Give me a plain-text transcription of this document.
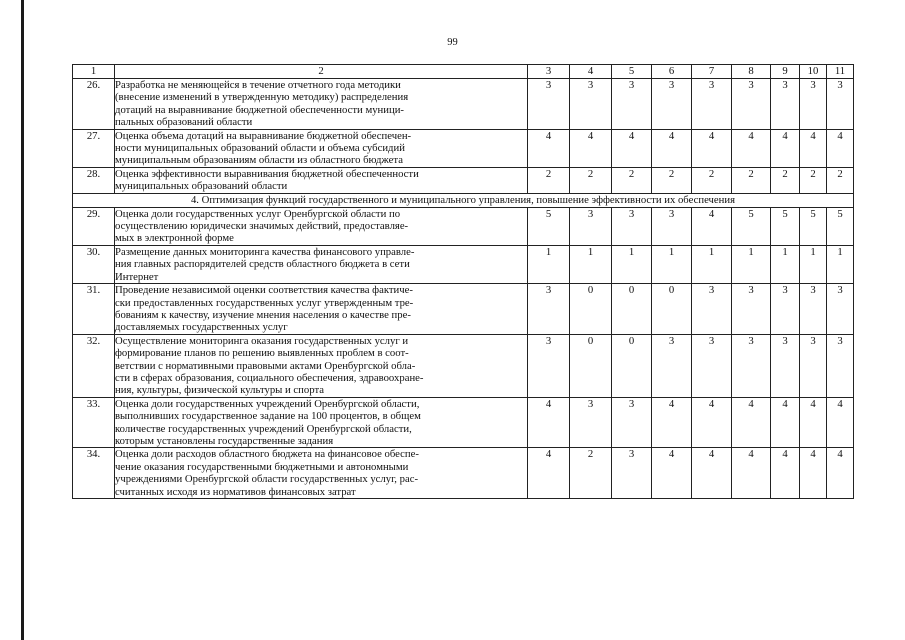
99
1	2	3	4	5	6	7	8	9	10	11
26.	Разработка не меняющейся в течение отчетного года методики
(внесение изменений в утвержденную методику) распределения
дотаций на выравнивание бюджетной обеспеченности муници-
пальных образований области	3	3	3	3	3	3	3	3	3
27.	Оценка объема дотаций на выравнивание бюджетной обеспечен-
ности муниципальных образований области и объема субсидий
муниципальным образованиям области из областного бюджета	4	4	4	4	4	4	4	4	4
28.	Оценка эффективности выравнивания бюджетной обеспеченности
муниципальных образований области	2	2	2	2	2	2	2	2	2
4. Оптимизация функций государственного и муниципального управления, повышение эффективности их обеспечения										
29.	Оценка доли государственных услуг Оренбургской области по
осуществлению юридически значимых действий, предоставляе-
мых в электронной форме	5	3	3	3	4	5	5	5	5
30.	Размещение данных мониторинга качества финансового управле-
ния главных распорядителей средств областного бюджета в сети
Интернет	1	1	1	1	1	1	1	1	1
31.	Проведение независимой оценки соответствия качества фактиче-
ски предоставленных государственных услуг утвержденным тре-
бованиям к качеству, изучение мнения населения о качестве пре-
доставляемых государственных услуг	3	0	0	0	3	3	3	3	3
32.	Осуществление мониторинга оказания государственных услуг и
формирование планов по решению выявленных проблем в соот-
ветствии с нормативными правовыми актами Оренбургской обла-
сти в сферах образования, социального обеспечения, здравоохране-
ния, культуры, физической культуры и спорта	3	0	0	3	3	3	3	3	3
33.	Оценка доли государственных учреждений Оренбургской области,
выполнивших государственное задание на 100 процентов, в общем
количестве государственных учреждений Оренбургской области,
которым установлены государственные задания	4	3	3	4	4	4	4	4	4
34.	Оценка доли расходов областного бюджета на финансовое обеспе-
чение оказания государственными бюджетными и автономными
учреждениями Оренбургской области государственных услуг, рас-
считанных исходя из нормативов финансовых затрат	4	2	3	4	4	4	4	4	4
